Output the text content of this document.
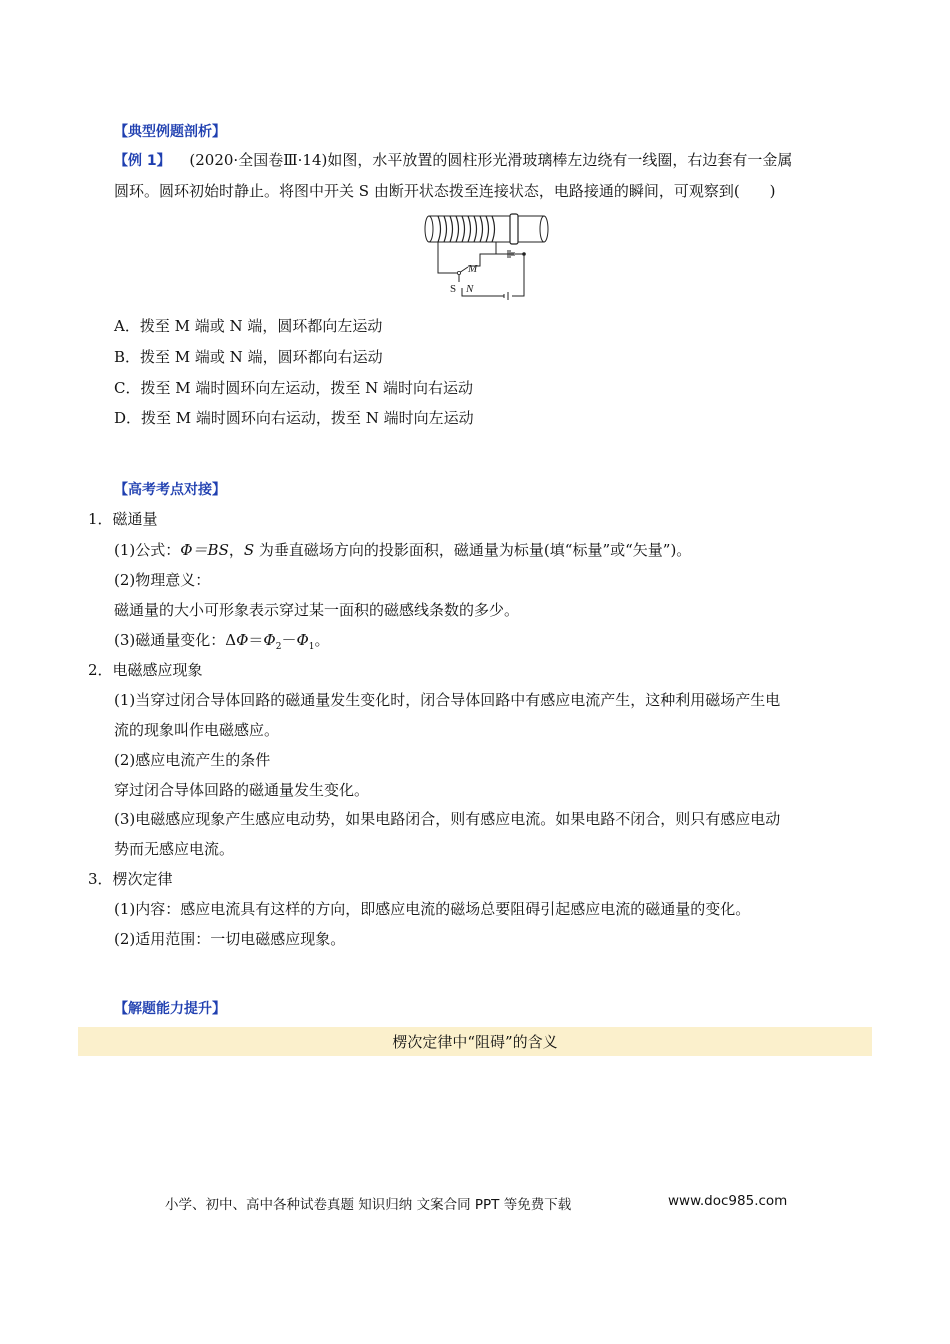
【典型例题剖析】
【例 1】 (2020·全国卷Ⅲ·14)如图，水平放置的圆柱形光滑玻璃棒左边绕有一线圈，右边套有一金属
圆环。圆环初始时静止。将图中开关 S 由断开状态拨至连接状态，电路接通的瞬间，可观察到(　　)
M
S N
A．拨至 M 端或 N 端，圆环都向左运动
B．拨至 M 端或 N 端，圆环都向右运动
C．拨至 M 端时圆环向左运动，拨至 N 端时向右运动
D．拨至 M 端时圆环向右运动，拨至 N 端时向左运动
【高考考点对接】
1．磁通量
(1)公式：Φ＝BS，S 为垂直磁场方向的投影面积，磁通量为标量(填“标量”或“矢量”)。
(2)物理意义：
磁通量的大小可形象表示穿过某一面积的磁感线条数的多少。
(3)磁通量变化：$\Delta\Phi=\Phi_2-\Phi_1$。
2．电磁感应现象
(1)当穿过闭合导体回路的磁通量发生变化时，闭合导体回路中有感应电流产生，这种利用磁场产生电
流的现象叫作电磁感应。
(2)感应电流产生的条件
穿过闭合导体回路的磁通量发生变化。
(3)电磁感应现象产生感应电动势，如果电路闭合，则有感应电流。如果电路不闭合，则只有感应电动
势而无感应电流。
3．楞次定律
(1)内容：感应电流具有这样的方向，即感应电流的磁场总要阻碍引起感应电流的磁通量的变化。
(2)适用范围：一切电磁感应现象。
【解题能力提升】
楞次定律中“阻碍”的含义
小学、初中、高中各种试卷真题 知识归纳 文案合同 PPT 等免费下载	www.doc985.com
